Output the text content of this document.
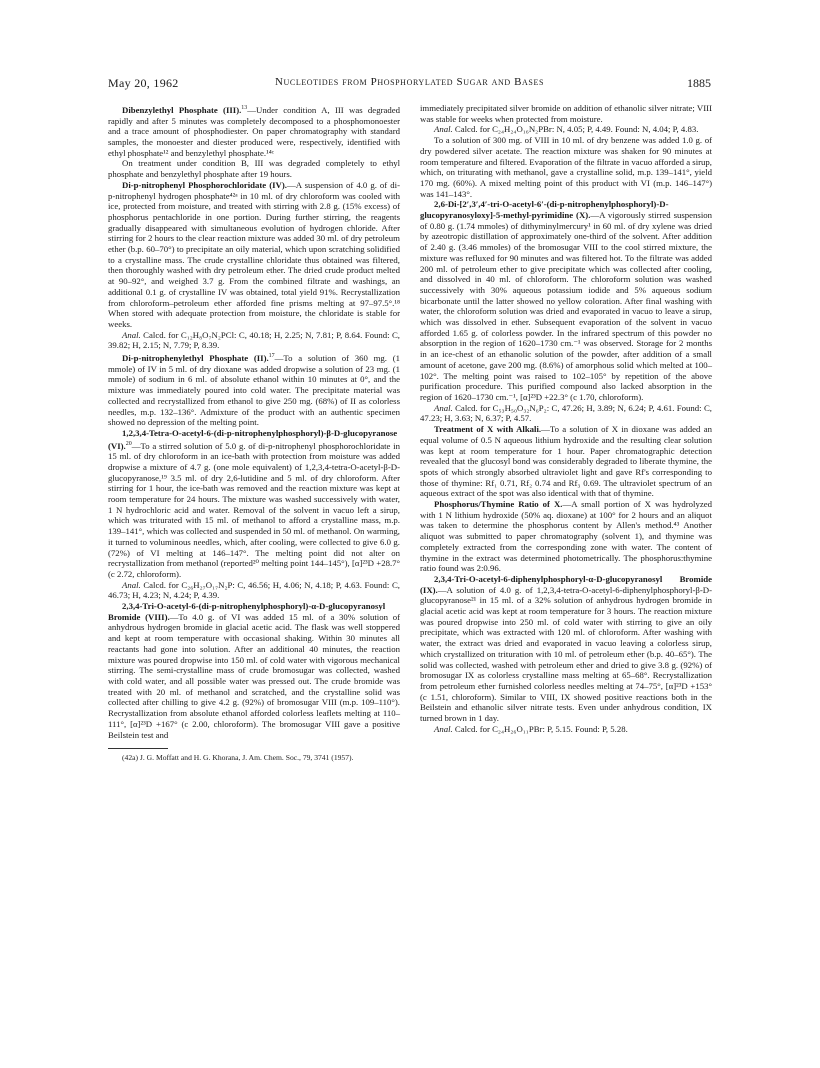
May 20, 1962	Nucleotides from Phosphorylated Sugar and Bases	1885

Dibenzylethyl Phosphate (III).$^{13}$—Under condition A, III was degraded rapidly and after 5 minutes was completely decomposed to a phosphomonoester and a trace amount of phosphodiester. On paper chromatography with standard samples, the monoester and diester produced were, respectively, identified with ethyl phosphate¹² and benzylethyl phosphate.¹⁴ᶜ

On treatment under condition B, III was degraded completely to ethyl phosphate and benzylethyl phosphate after 19 hours.

Di-p-nitrophenyl Phosphorochloridate (IV).—A suspension of 4.0 g. of di-p-nitrophenyl hydrogen phosphate⁴²ᵃ in 10 ml. of dry chloroform was cooled with ice, protected from moisture, and treated with stirring with 2.8 g. (15% excess) of phosphorus pentachloride in one portion. During further stirring, the reagents gradually disappeared with simultaneous evolution of hydrogen chloride. After stirring for 2 hours to the clear reaction mixture was added 30 ml. of dry petroleum ether (b.p. 60–70°) to precipitate an oily material, which upon scratching solidified to a crystalline mass. The crude crystalline chloridate thus obtained was filtered, then thoroughly washed with dry petroleum ether. The dried crude product melted at 90–92°, and weighed 3.7 g. From the combined filtrate and washings, an additional 0.1 g. of crystalline IV was obtained, total yield 91%. Recrystallization from chloroform–petroleum ether afforded fine prisms melting at 97–97.5°.¹⁸ When stored with adequate protection from moisture, the chloridate is stable for weeks.

Anal. Calcd. for C₁₂H₈O₇N₂PCl: C, 40.18; H, 2.25; N, 7.81; P, 8.64. Found: C, 39.82; H, 2.15; N, 7.79; P, 8.39.

Di-p-nitrophenylethyl Phosphate (II).$^{17}$—To a solution of 360 mg. (1 mmole) of IV in 5 ml. of dry dioxane was added dropwise a solution of 23 mg. (1 mmole) of sodium in 6 ml. of absolute ethanol within 10 minutes at 0°, and the mixture was immediately poured into cold water. The precipitate material was collected and recrystallized from ethanol to give 250 mg. (68%) of II as colorless needles, m.p. 132–136°. Admixture of the product with an authentic specimen showed no depression of the melting point.

1,2,3,4-Tetra-O-acetyl-6-(di-p-nitrophenylphosphoryl)-β-D-glucopyranose (VI).$^{20}$—To a stirred solution of 5.0 g. of di-p-nitrophenyl phosphorochloridate in 15 ml. of dry chloroform in an ice-bath with protection from moisture was added dropwise a mixture of 4.7 g. (one mole equivalent) of 1,2,3,4-tetra-O-acetyl-β-D-glucopyranose,¹⁹ 3.5 ml. of dry 2,6-lutidine and 5 ml. of dry chloroform. After stirring for 1 hour, the ice-bath was removed and the reaction mixture was kept at room temperature for 24 hours. The mixture was washed successively with water, 1 N hydrochloric acid and water. Removal of the solvent in vacuo left a sirup, which was triturated with 15 ml. of methanol to afford a crystalline mass, m.p. 139–141°, which was collected and suspended in 50 ml. of methanol. On warming, it turned to voluminous needles, which, after cooling, were collected to give 6.0 g. (72%) of VI melting at 146–147°. The melting point did not alter on recrystallization from methanol (reported²⁰ melting point 144–145°), [α]²³D +28.7° (c 2.72, chloroform).

Anal. Calcd. for C₂₆H₂₇O₁₇N₂P: C, 46.56; H, 4.06; N, 4.18; P, 4.63. Found: C, 46.73; H, 4.23; N, 4.24; P, 4.39.

2,3,4-Tri-O-acetyl-6-(di-p-nitrophenylphosphoryl)-α-D-glucopyranosyl Bromide (VIII).—To 4.0 g. of VI was added 15 ml. of a 30% solution of anhydrous hydrogen bromide in glacial acetic acid. The flask was well stoppered and kept at room temperature with occasional shaking. Within 30 minutes all reactants had gone into solution. After an additional 40 minutes, the reaction mixture was poured dropwise into 150 ml. of cold water with vigorous mechanical stirring. The semi-crystalline mass of crude bromosugar was collected, washed with cold water, and all possible water was pressed out. The crude bromide was treated with 20 ml. of methanol and scratched, and the crystalline solid was collected after chilling to give 4.2 g. (92%) of bromosugar VIII (m.p. 109–110°). Recrystallization from absolute ethanol afforded colorless leaflets melting at 110–111°, [α]²³D +167° (c 2.00, chloroform). The bromosugar VIII gave a positive Beilstein test and

(42a) J. G. Moffatt and H. G. Khorana, J. Am. Chem. Soc., 79, 3741 (1957).

immediately precipitated silver bromide on addition of ethanolic silver nitrate; VIII was stable for weeks when protected from moisture.

Anal. Calcd. for C₂₄H₂₄O₁₆N₂PBr: N, 4.05; P, 4.49. Found: N, 4.04; P, 4.83.

To a solution of 300 mg. of VIII in 10 ml. of dry benzene was added 1.0 g. of dry powdered silver acetate. The reaction mixture was shaken for 90 minutes at room temperature and filtered. Evaporation of the filtrate in vacuo afforded a sirup, which, on triturating with methanol, gave a crystalline solid, m.p. 139–141°, yield 170 mg. (60%). A mixed melting point of this product with VI (m.p. 146–147°) was 141–143°.

2,6-Di-[2′,3′,4′-tri-O-acetyl-6′-(di-p-nitrophenylphosphoryl)-D-glucopyranosyloxy]-5-methyl-pyrimidine (X).—A vigorously stirred suspension of 0.80 g. (1.74 mmoles) of dithyminylmercury¹ in 60 ml. of dry xylene was dried by azeotropic distillation of approximately one-third of the solvent. After addition of 2.40 g. (3.46 mmoles) of the bromosugar VIII to the cool stirred mixture, the mixture was refluxed for 90 minutes and was filtered hot. To the filtrate was added 200 ml. of petroleum ether to give precipitate which was collected after cooling, and dissolved in 40 ml. of chloroform. The chloroform solution was washed successively with 30% aqueous potassium iodide and 5% aqueous sodium bicarbonate until the latter showed no yellow coloration. After final washing with water, the chloroform solution was dried and evaporated in vacuo to leave a sirup, which was dissolved in ether. Subsequent evaporation of the solvent in vacuo afforded 1.65 g. of colorless powder. In the infrared spectrum of this powder no absorption in the region of 1620–1730 cm.⁻¹ was observed. Storage for 2 months in an ice-chest of an ethanolic solution of the powder, after addition of a small amount of acetone, gave 200 mg. (8.6%) of amorphous solid which melted at 100–102°. The melting point was raised to 102–105° by repetition of the above purification procedure. This purified compound also lacked absorption in the region of 1620–1730 cm.⁻¹, [α]²³D +22.3° (c 1.70, chloroform).

Anal. Calcd. for C₅₃H₅₀O₃₂N₆P₂: C, 47.26; H, 3.89; N, 6.24; P, 4.61. Found: C, 47.23; H, 3.63; N, 6.37; P, 4.57.

Treatment of X with Alkali.—To a solution of X in dioxane was added an equal volume of 0.5 N aqueous lithium hydroxide and the resulting clear solution was kept at room temperature for 1 hour. Paper chromatographic detection revealed that the glucosyl bond was considerably degraded to liberate thymine, the spots of which strongly absorbed ultraviolet light and gave Rf's corresponding to those of thymine: Rf₁ 0.71, Rf₂ 0.74 and Rf₃ 0.69. The ultraviolet spectrum of an aqueous extract of the spot was also identical with that of thymine.

Phosphorus/Thymine Ratio of X.—A small portion of X was hydrolyzed with 1 N lithium hydroxide (50% aq. dioxane) at 100° for 2 hours and an aliquot was taken to determine the phosphorus content by Allen's method.⁴³ Another aliquot was submitted to paper chromatography (solvent 1), and thymine was completely extracted from the corresponding zone with water. The content of thymine in the extract was determined photometrically. The phosphorus:thymine ratio found was 2:0.96.

2,3,4-Tri-O-acetyl-6-diphenylphosphoryl-α-D-glucopyranosyl Bromide (IX).—A solution of 4.0 g. of 1,2,3,4-tetra-O-acetyl-6-diphenylphosphoryl-β-D-glucopyranose²¹ in 15 ml. of a 32% solution of anhydrous hydrogen bromide in glacial acetic acid was kept at room temperature for 3 hours. The reaction mixture was poured dropwise into 250 ml. of cold water with stirring to give an oily precipitate, which was extracted with 120 ml. of chloroform. After washing with water, the extract was dried and evaporated in vacuo leaving a colorless sirup, which crystallized on trituration with 10 ml. of petroleum ether (b.p. 40–65°). The solid was collected, washed with petroleum ether and dried to give 3.8 g. (92%) of bromosugar IX as colorless crystalline mass melting at 65–68°. Recrystallization from petroleum ether furnished colorless needles melting at 74–75°, [α]²³D +153° (c 1.51, chloroform). Similar to VIII, IX showed positive reactions both in the Beilstein and ethanolic silver nitrate tests. Even under anhydrous condition, IX turned brown in 1 day.

Anal. Calcd. for C₂₄H₂₆O₁₁PBr: P, 5.15. Found: P, 5.28.
